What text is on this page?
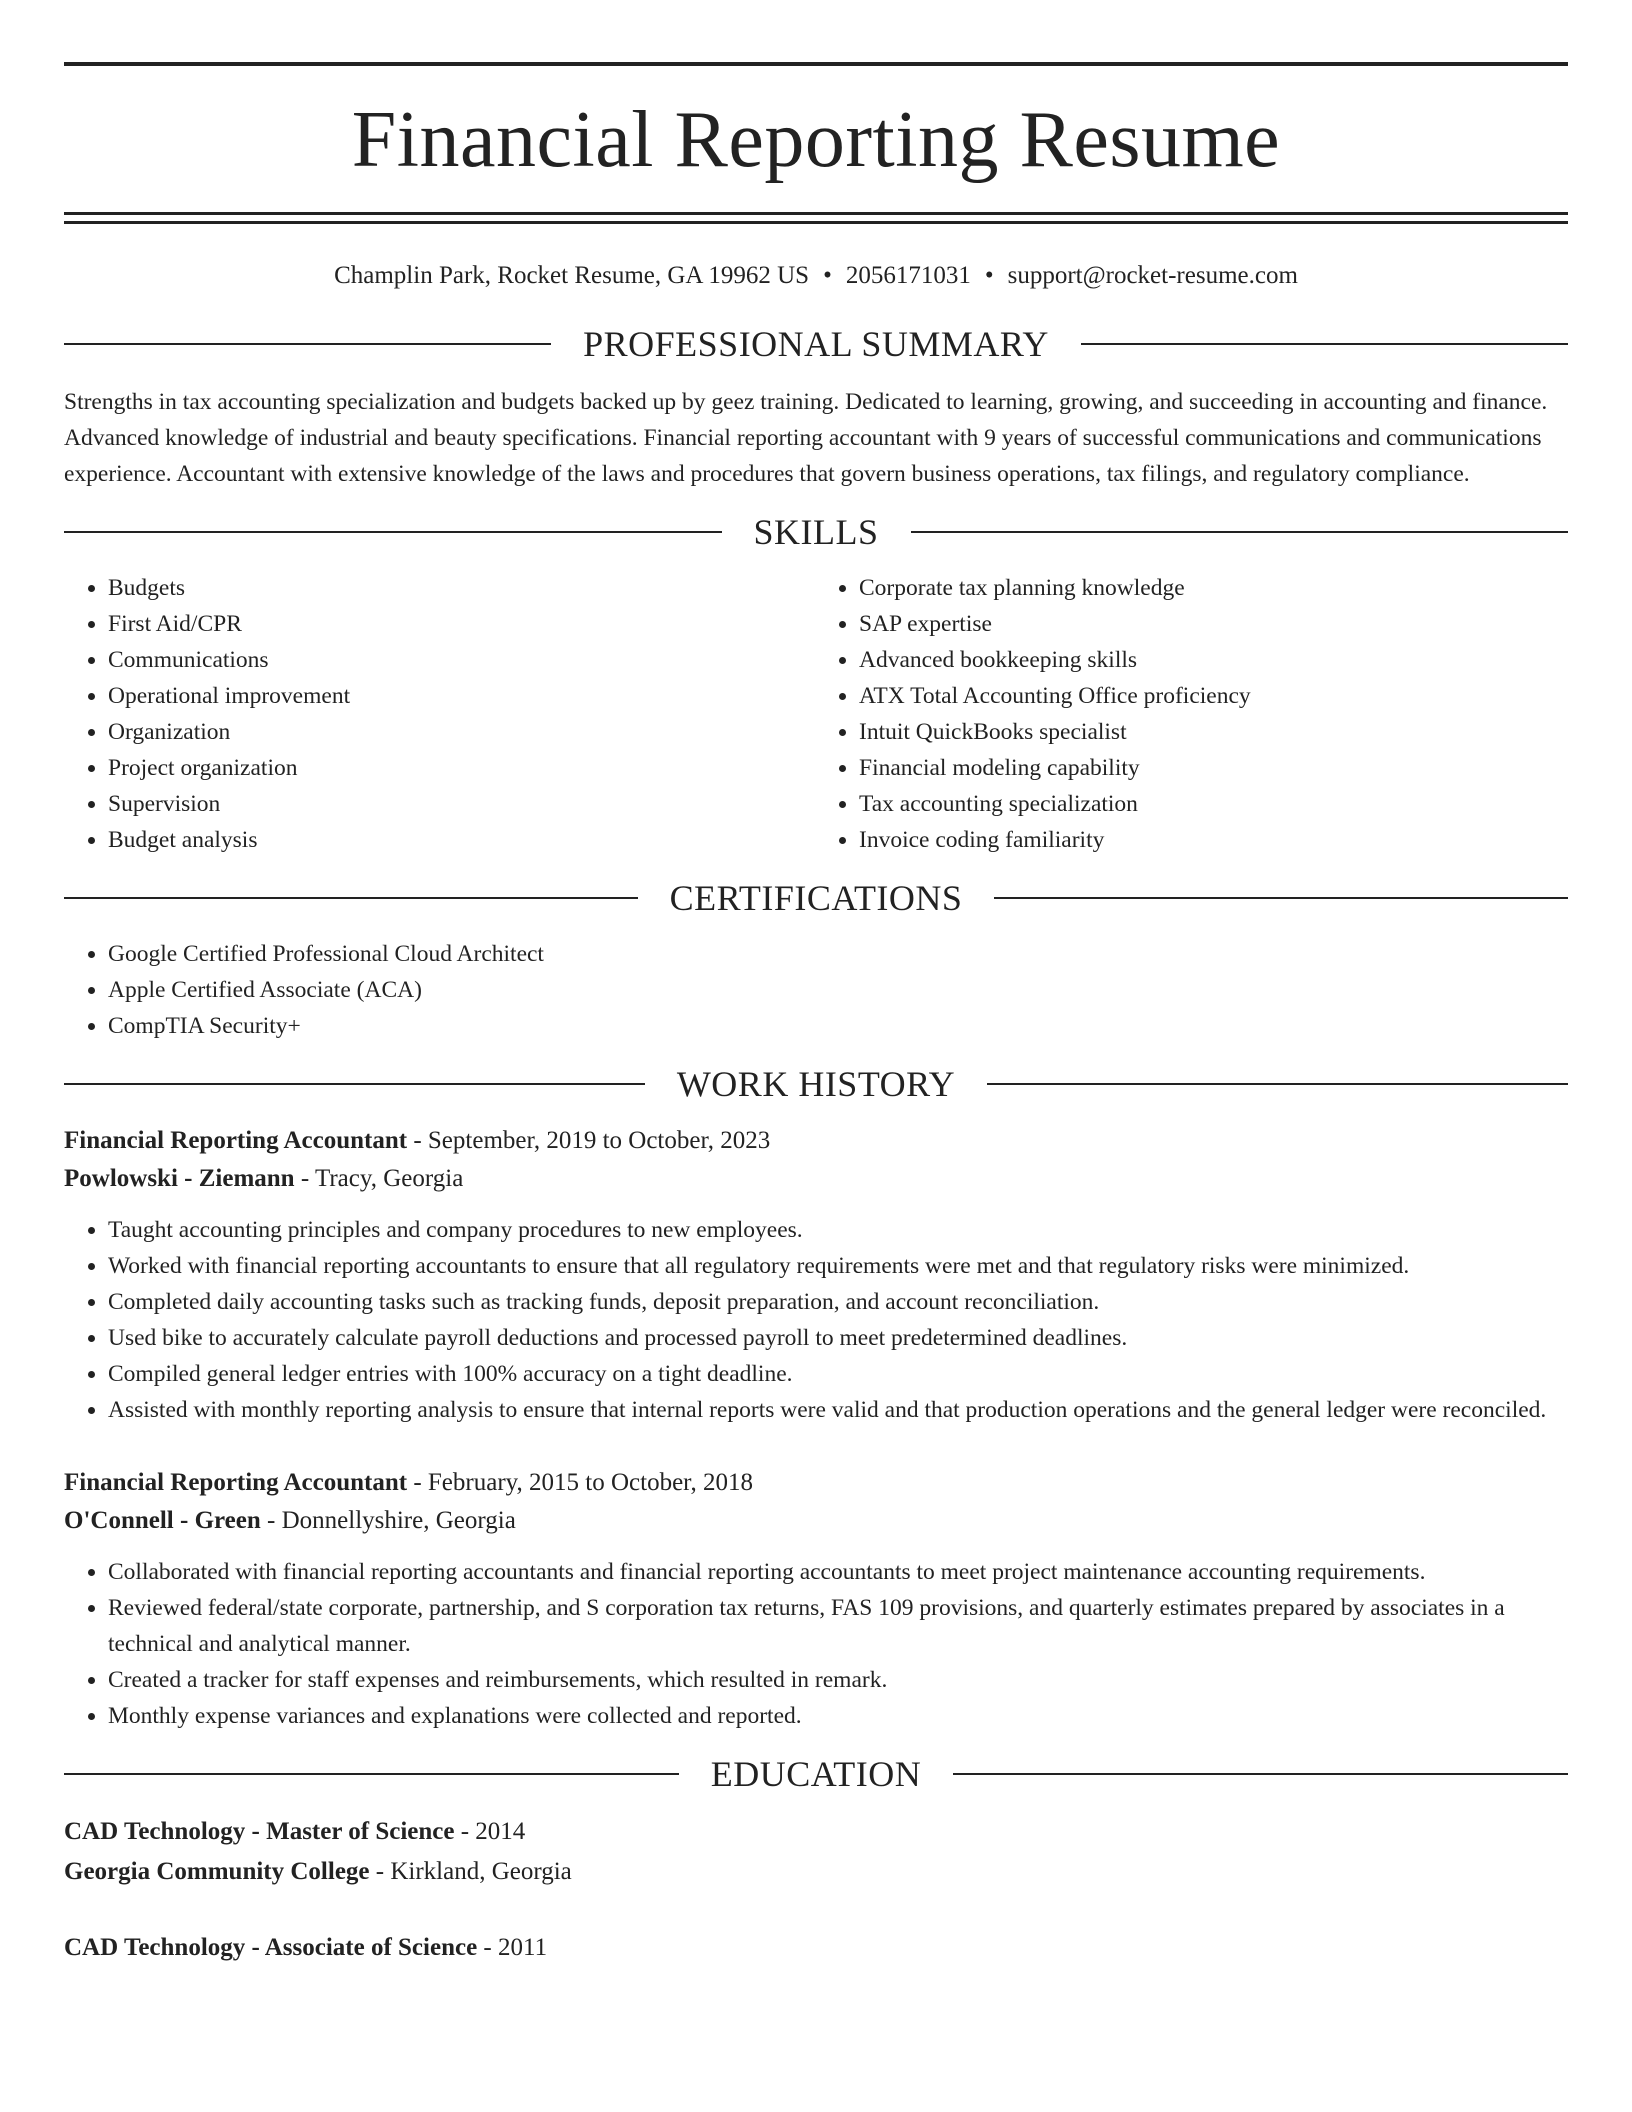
Financial Reporting Resume
Champlin Park, Rocket Resume, GA 19962 US • 2056171031 • support@rocket-resume.com
PROFESSIONAL SUMMARY

Strengths in tax accounting specialization and budgets backed up by geez training. Dedicated to learning, growing, and succeeding in accounting and finance. Advanced knowledge of industrial and beauty specifications. Financial reporting accountant with 9 years of successful communications and communications experience. Accountant with extensive knowledge of the laws and procedures that govern business operations, tax filings, and regulatory compliance.

SKILLS
• Budgets
• First Aid/CPR
• Communications
• Operational improvement
• Organization
• Project organization
• Supervision
• Budget analysis
• Corporate tax planning knowledge
• SAP expertise
• Advanced bookkeeping skills
• ATX Total Accounting Office proficiency
• Intuit QuickBooks specialist
• Financial modeling capability
• Tax accounting specialization
• Invoice coding familiarity
CERTIFICATIONS
• Google Certified Professional Cloud Architect
• Apple Certified Associate (ACA)
• CompTIA Security+
WORK HISTORY
Financial Reporting Accountant - September, 2019 to October, 2023
Powlowski - Ziemann - Tracy, Georgia
• Taught accounting principles and company procedures to new employees.
• Worked with financial reporting accountants to ensure that all regulatory requirements were met and that regulatory risks were minimized.
• Completed daily accounting tasks such as tracking funds, deposit preparation, and account reconciliation.
• Used bike to accurately calculate payroll deductions and processed payroll to meet predetermined deadlines.
• Compiled general ledger entries with 100% accuracy on a tight deadline.
• Assisted with monthly reporting analysis to ensure that internal reports were valid and that production operations and the general ledger were reconciled.
Financial Reporting Accountant - February, 2015 to October, 2018
O'Connell - Green - Donnellyshire, Georgia
• Collaborated with financial reporting accountants and financial reporting accountants to meet project maintenance accounting requirements.
• Reviewed federal/state corporate, partnership, and S corporation tax returns, FAS 109 provisions, and quarterly estimates prepared by associates in a technical and analytical manner.
• Created a tracker for staff expenses and reimbursements, which resulted in remark.
• Monthly expense variances and explanations were collected and reported.
EDUCATION
CAD Technology - Master of Science - 2014
Georgia Community College - Kirkland, Georgia
CAD Technology - Associate of Science - 2011
